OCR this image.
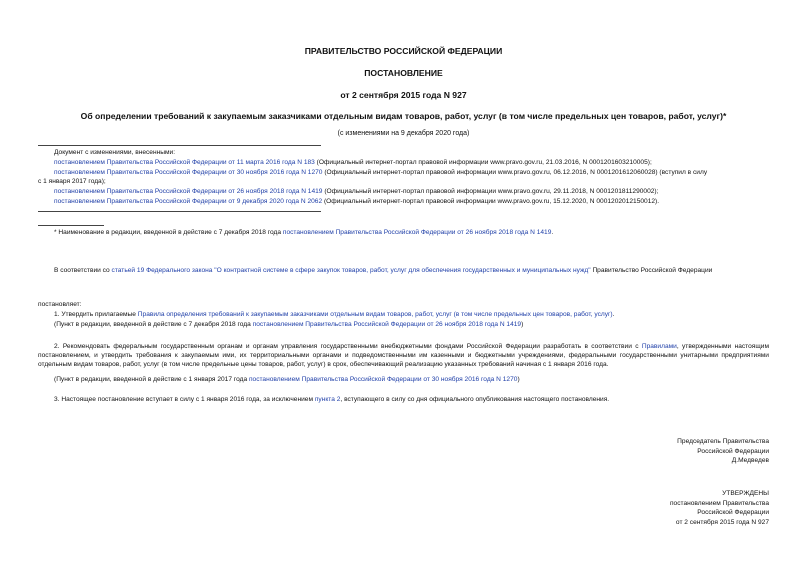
ПРАВИТЕЛЬСТВО РОССИЙСКОЙ ФЕДЕРАЦИИ
ПОСТАНОВЛЕНИЕ
от 2 сентября 2015 года N 927
Об определении требований к закупаемым заказчиками отдельным видам товаров, работ, услуг (в том числе предельных цен товаров, работ, услуг)*
(с изменениями на 9 декабря 2020 года)
Документ с изменениями, внесенными:
постановлением Правительства Российской Федерации от 11 марта 2016 года N 183 (Официальный интернет-портал правовой информации www.pravo.gov.ru, 21.03.2016, N 0001201603210005);
постановлением Правительства Российской Федерации от 30 ноября 2016 года N 1270 (Официальный интернет-портал правовой информации www.pravo.gov.ru, 06.12.2016, N 0001201612060028) (вступил в силу
с 1 января 2017 года);
постановлением Правительства Российской Федерации от 26 ноября 2018 года N 1419 (Официальный интернет-портал правовой информации www.pravo.gov.ru, 29.11.2018, N 0001201811290002);
постановлением Правительства Российской Федерации от 9 декабря 2020 года N 2062 (Официальный интернет-портал правовой информации www.pravo.gov.ru, 15.12.2020, N 0001202012150012).
* Наименование в редакции, введенной в действие с 7 декабря 2018 года постановлением Правительства Российской Федерации от 26 ноября 2018 года N 1419.
В соответствии со статьей 19 Федерального закона "О контрактной системе в сфере закупок товаров, работ, услуг для обеспечения государственных и муниципальных нужд" Правительство Российской Федерации
постановляет:
1. Утвердить прилагаемые Правила определения требований к закупаемым заказчиками отдельным видам товаров, работ, услуг (в том числе предельных цен товаров, работ, услуг).
(Пункт в редакции, введенной в действие с 7 декабря 2018 года постановлением Правительства Российской Федерации от 26 ноября 2018 года N 1419)
2. Рекомендовать федеральным государственным органам и органам управления государственными внебюджетными фондами Российской Федерации разработать в соответствии с Правилами, утвержденными настоящим постановлением, и утвердить требования к закупаемым ими, их территориальными органами и подведомственными им казенными и бюджетными учреждениями, федеральными государственными унитарными предприятиями отдельным видам товаров, работ, услуг (в том числе предельные цены товаров, работ, услуг) в срок, обеспечивающий реализацию указанных требований начиная с 1 января 2016 года.
(Пункт в редакции, введенной в действие с 1 января 2017 года постановлением Правительства Российской Федерации от 30 ноября 2016 года N 1270)
3. Настоящее постановление вступает в силу с 1 января 2016 года, за исключением пункта 2, вступающего в силу со дня официального опубликования настоящего постановления.
Председатель Правительства
Российской Федерации
Д.Медведев
УТВЕРЖДЕНЫ
постановлением Правительства
Российской Федерации
от 2 сентября 2015 года N 927
